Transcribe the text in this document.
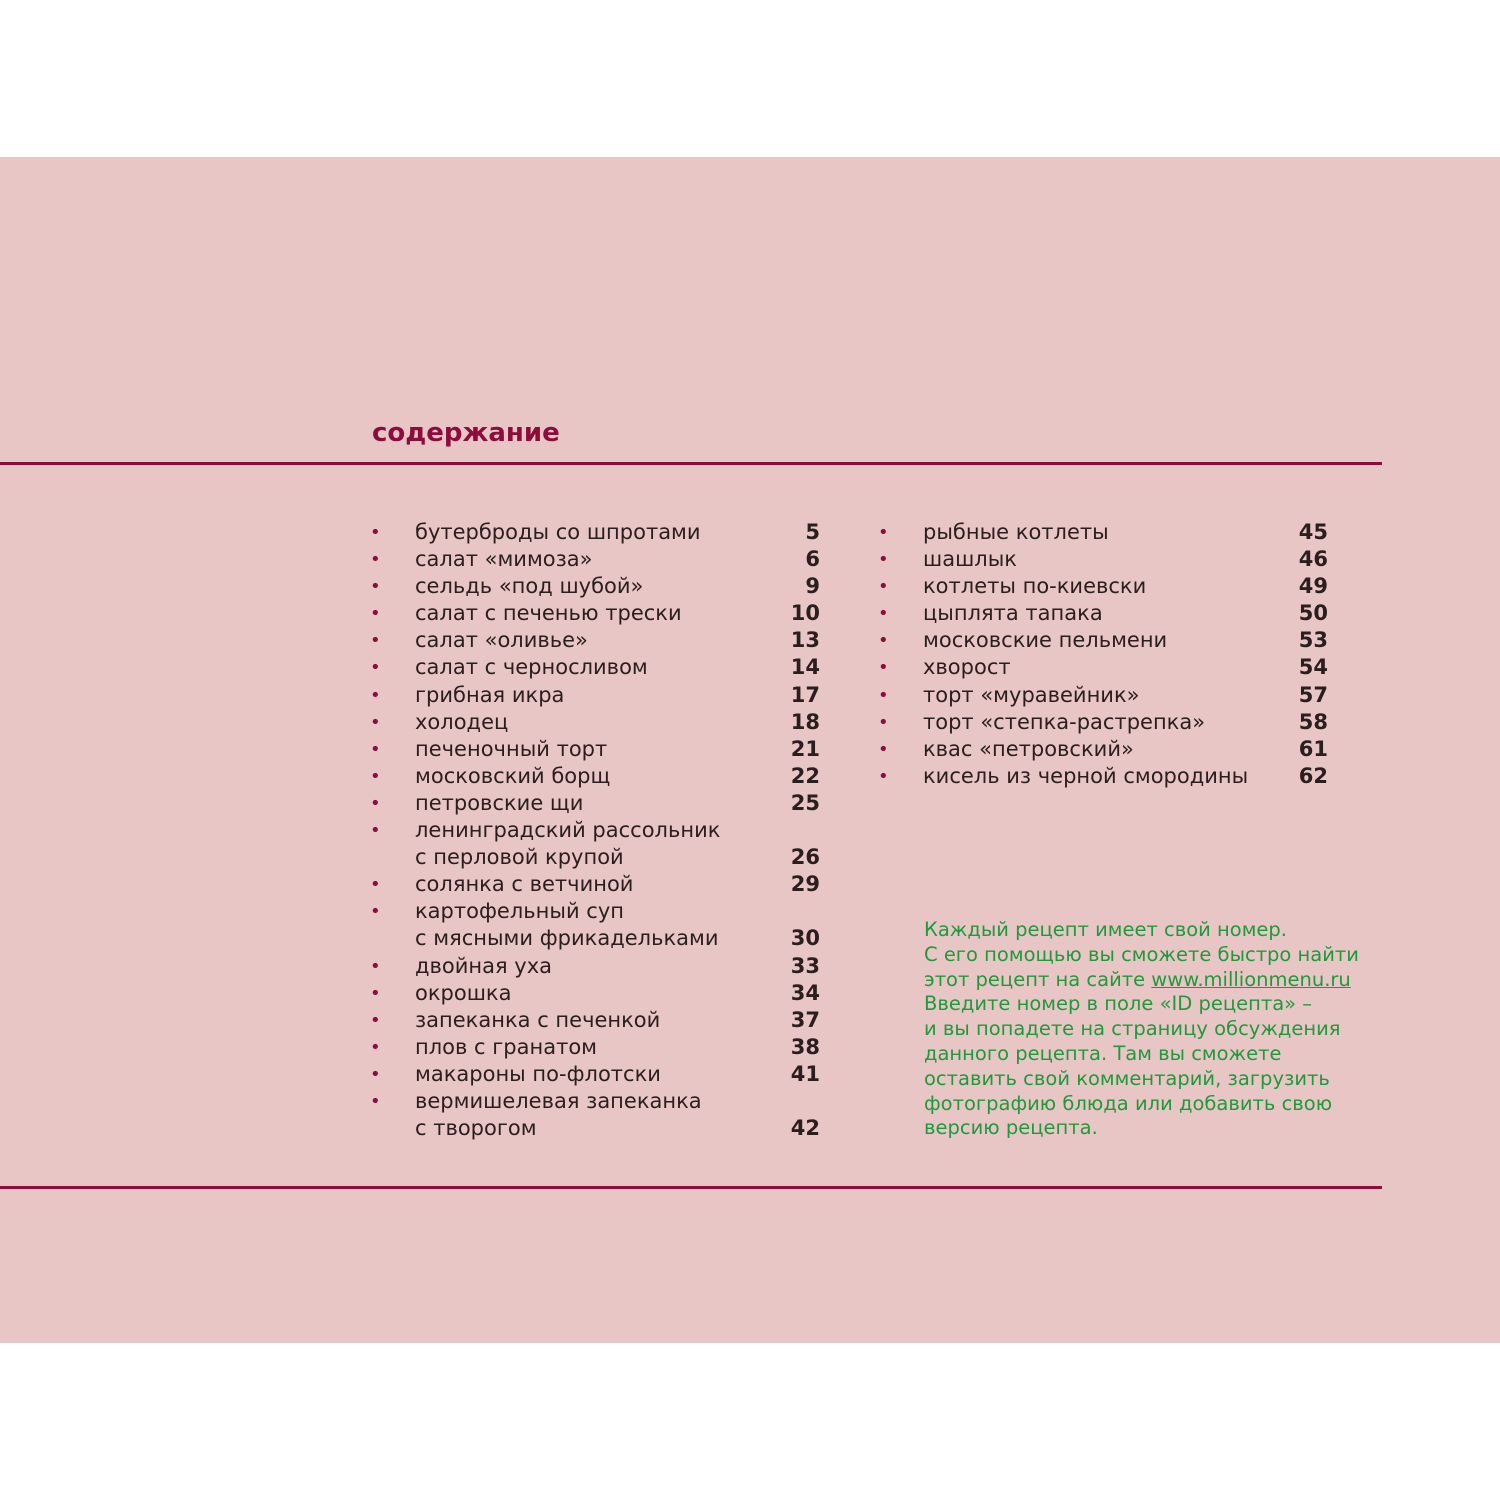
содержание
•	бутерброды со шпротами	5
•	салат «мимоза»	6
•	сельдь «под шубой»	9
•	салат с печенью трески	10
•	салат «оливье»	13
•	салат с черносливом	14
•	грибная икра	17
•	холодец	18
•	печеночный торт	21
•	московский борщ	22
•	петровские щи	25
•	ленинградский рассольник
с перловой крупой	26
•	солянка с ветчиной	29
•	картофельный суп
с мясными фрикадельками	30
•	двойная уха	33
•	окрошка	34
•	запеканка с печенкой	37
•	плов с гранатом	38
•	макароны по-флотски	41
•	вермишелевая запеканка
с творогом	42
•	рыбные котлеты	45
•	шашлык	46
•	котлеты по-киевски	49
•	цыплята тапака	50
•	московские пельмени	53
•	хворост	54
•	торт «муравейник»	57
•	торт «степка-растрепка»	58
•	квас «петровский»	61
•	кисель из черной смородины	62

Каждый рецепт имеет свой номер.

С его помощью вы сможете быстро найти

этот рецепт на сайте www.millionmenu.ru

Введите номер в поле «ID рецепта» –

и вы попадете на страницу обсуждения

данного рецепта. Там вы сможете

оставить свой комментарий, загрузить

фотографию блюда или добавить свою

версию рецепта.
